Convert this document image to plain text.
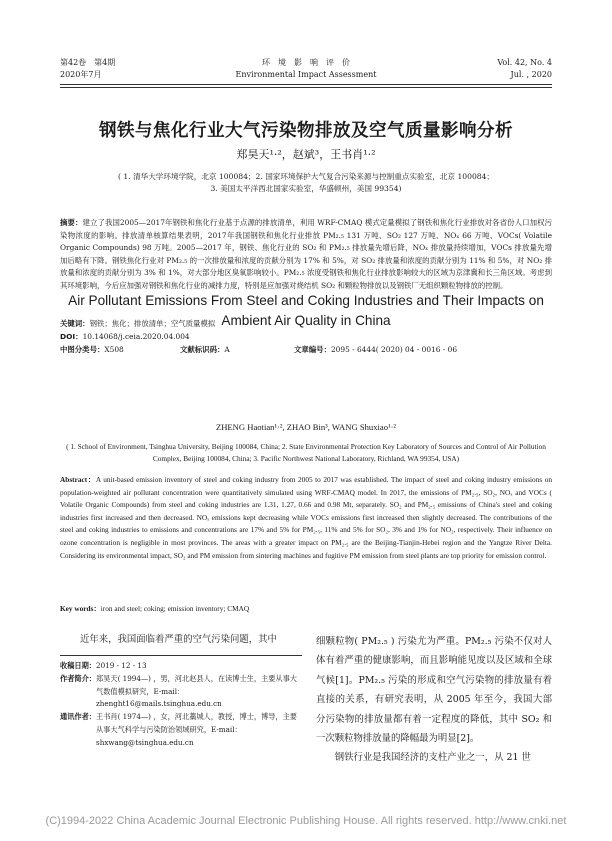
第42卷　第4期
2020年7月
环　境　影　响　评　价
Environmental Impact Assessment
Vol. 42, No. 4
Jul. , 2020
钢铁与焦化行业大气污染物排放及空气质量影响分析
郑昊天¹·²，赵斌³，王书肖¹·²
( 1. 清华大学环境学院，北京 100084；2. 国家环境保护大气复合污染来源与控制重点实验室，北京 100084；
3. 美国太平洋西北国家实验室，华盛顿州，美国 99354)
摘要：建立了我国2005—2017年钢铁和焦化行业基于点源的排放清单，利用 WRF-CMAQ 模式定量模拟了钢铁和焦化行业排放对各省份人口加权污染物浓度的影响。排放清单核算结果表明，2017年我国钢铁和焦化行业排放 PM₂.₅ 131 万吨、SO₂ 127 万吨、NOₓ 66 万吨、VOCs( Volatile Organic Compounds) 98 万吨。2005—2017 年，钢铁、焦化行业的 SO₂ 和 PM₂.₅ 排放量先增后降，NOₓ 排放量持续增加，VOCs 排放量先增加后略有下降。钢铁焦化行业对 PM₂.₅ 的一次排放量和浓度的贡献分别为 17% 和 5%，对 SO₂ 排放量和浓度的贡献分别为 11% 和 5%，对 NO₂ 排放量和浓度的贡献分别为 3% 和 1%，对大部分地区臭氧影响较小。PM₂.₅ 浓度受钢铁和焦化行业排放影响较大的区域为京津冀和长三角区域。考虑到其环境影响，今后应加强对钢铁和焦化行业的减排力度，特别是应加强对烧结机 SO₂ 和颗粒物排放以及钢铁厂无组织颗粒物排放的控制。
关键词：钢铁；焦化；排放清单；空气质量模拟
DOI：10.14068/j.ceia.2020.04.004
中图分类号：X508	文献标识码：A	文章编号：2095 - 6444( 2020) 04 - 0016 - 06
Air Pollutant Emissions From Steel and Coking Industries and Their Impacts on Ambient Air Quality in China
ZHENG Haotian¹·², ZHAO Bin³, WANG Shuxiao¹·²
( 1. School of Environment, Tsinghua University, Beijing 100084, China; 2. State Environmental Protection Key Laboratory of Sources and Control of Air Pollution Complex, Beijing 100084, China; 3. Pacific Northwest National Laboratory, Richland, WA 99354, USA)
Abstract：A unit-based emission inventory of steel and coking industry from 2005 to 2017 was established. The impact of steel and coking industry emissions on population-weighted air pollutant concentration were quantitatively simulated using WRF-CMAQ model. In 2017, the emissions of PM₂.₅, SO₂, NOₓ and VOCs ( Volatile Organic Compounds) from steel and coking industries are 1.31, 1.27, 0.66 and 0.98 Mt, separately. SO₂ and PM₂.₅ emissions of China's steel and coking industries first increased and then decreased. NOₓ emissions kept decreasing while VOCs emissions first increased then slightly decreased. The contributions of the steel and coking industries to emissions and concentrations are 17% and 5% for PM₂.₅, 11% and 5% for SO₂, 3% and 1% for NO₂, respectively. Their influence on ozone concentration is negligible in most provinces. The areas with a greater impact on PM₂.₅ are the Beijing-Tianjin-Hebei region and the Yangtze River Delta. Considering its environmental impact, SO₂ and PM emission from sintering machines and fugitive PM emission from steel plants are top priority for emission control.
Key words：iron and steel; coking; emission inventory; CMAQ
近年来，我国面临着严重的空气污染问题，其中
收稿日期： 2019 - 12 - 13
作者简介： 郑昊天( 1994—) ，男，河北赵县人，在读博士生，主要从事大气数值模拟研究，E-mail：zhenght16@mails.tsinghua.edu.cn
通讯作者： 王书肖( 1974—) ，女，河北藁城人，教授，博士，博导，主要从事大气科学与污染防治领域研究，E-mail：shxwang@tsinghua.edu.cn
细颗粒物( PM₂.₅ ) 污染尤为严重。PM₂.₅ 污染不仅对人体有着严重的健康影响，而且影响能见度以及区域和全球气候[1]。PM₂.₅ 污染的形成和空气污染物的排放量有着直接的关系，有研究表明，从 2005 年至今，我国大部分污染物的排放量都有着一定程度的降低，其中 SO₂ 和一次颗粒物排放量的降幅最为明显[2]。
钢铁行业是我国经济的支柱产业之一，从 21 世
(C)1994-2022 China Academic Journal Electronic Publishing House. All rights reserved. http://www.cnki.net
